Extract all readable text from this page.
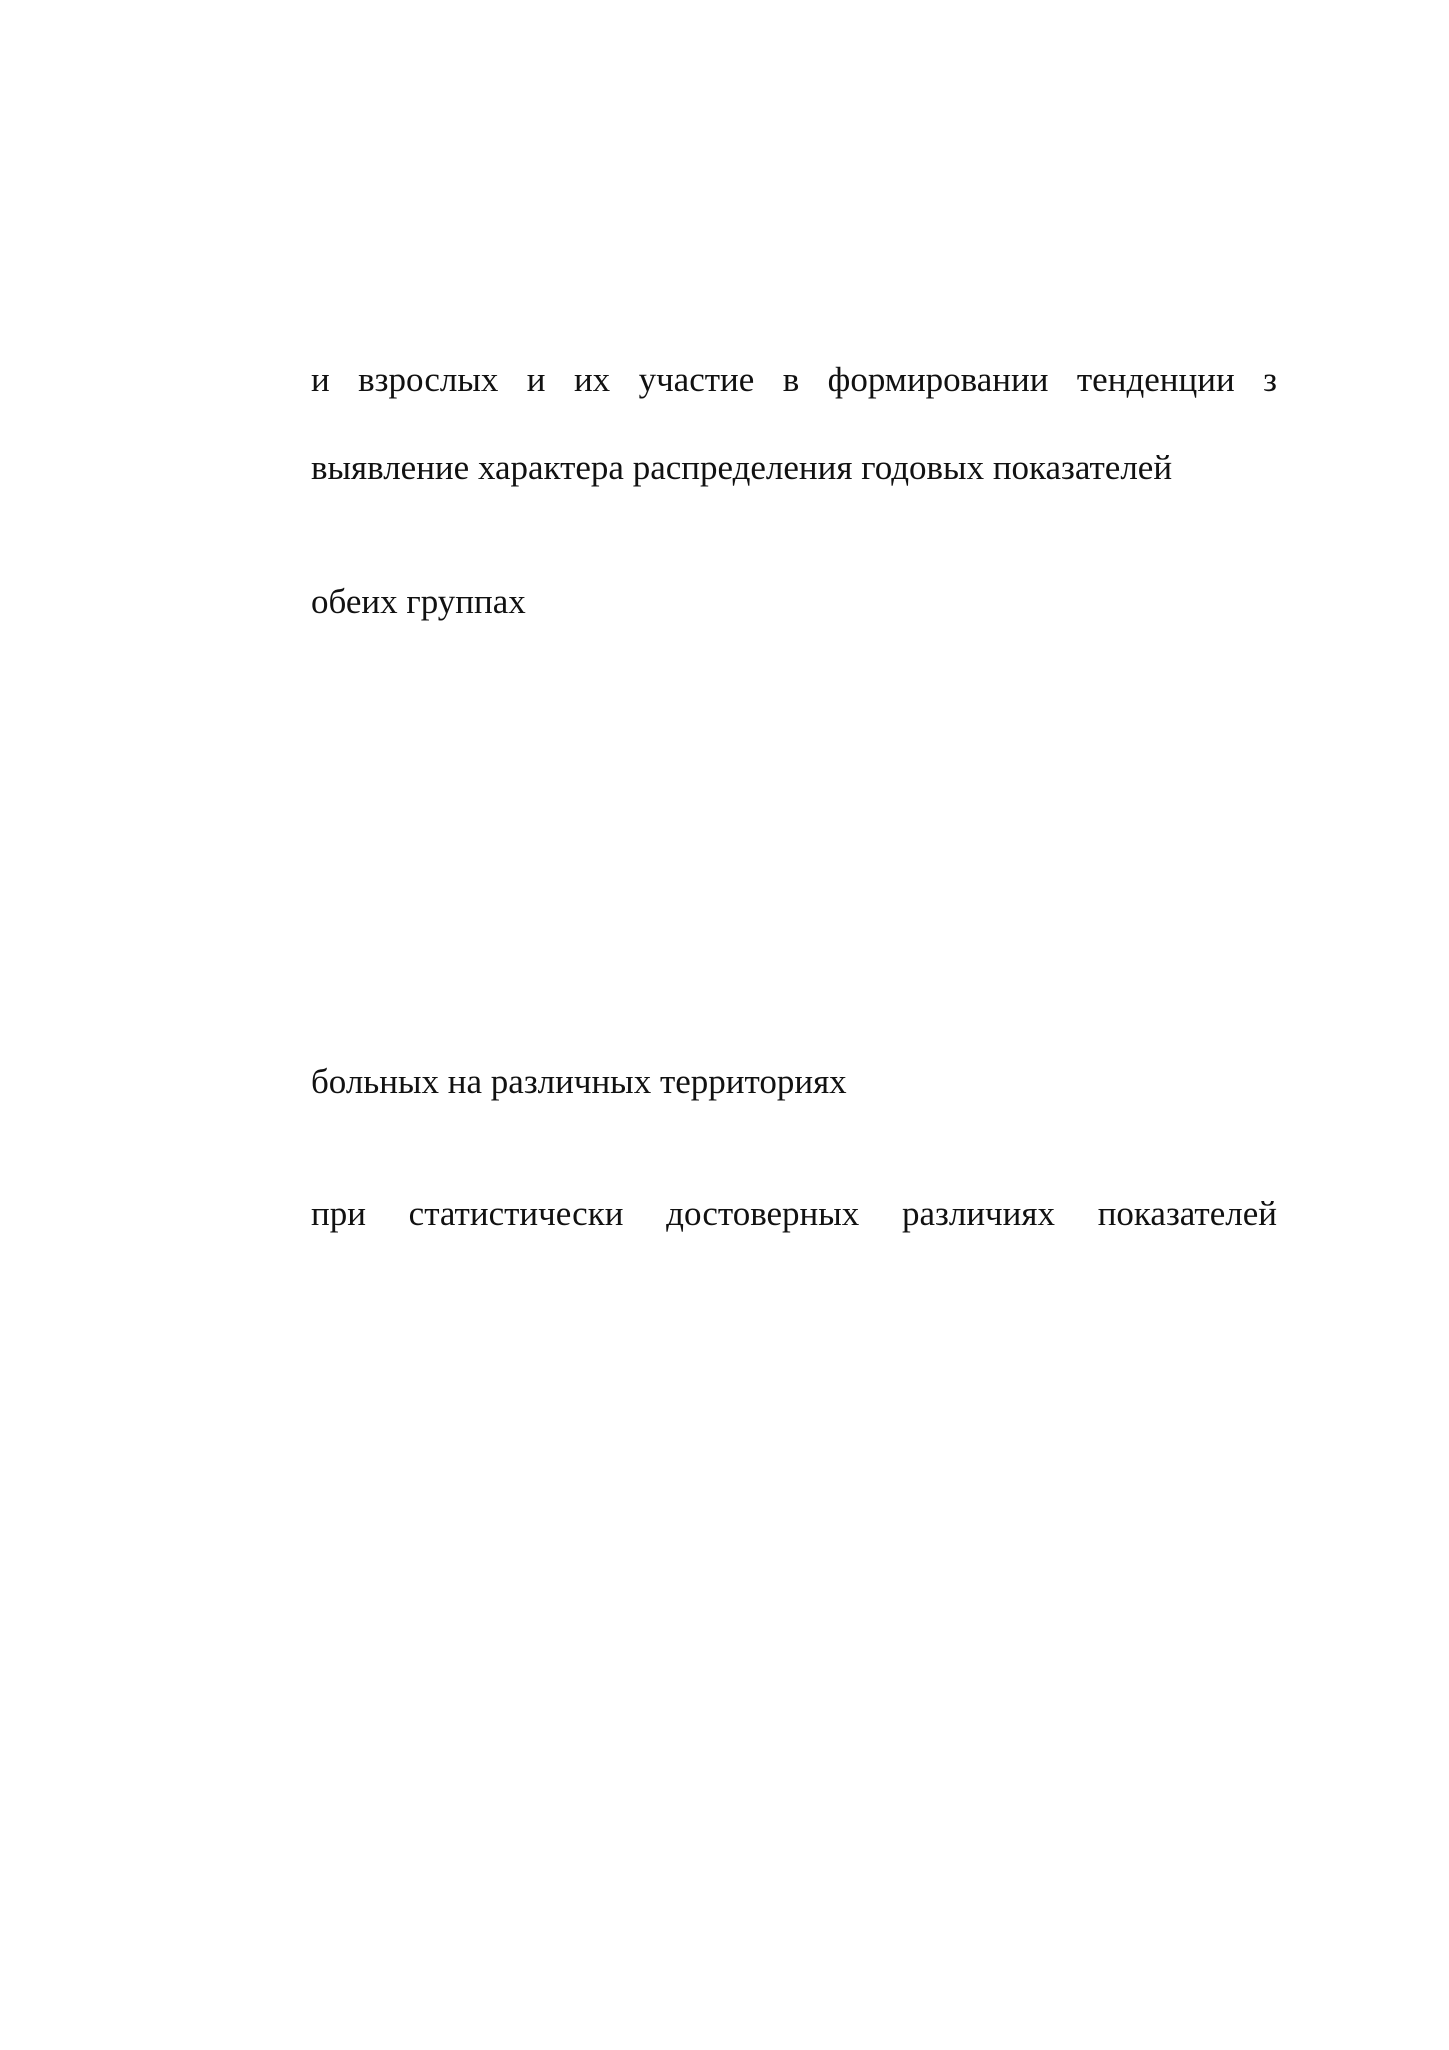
и взрослых и их участие в формировании тенденции з

выявление характера распределения годовых показателей

обеих группах

больных на различных территориях

при статистически достоверных различиях показателей
